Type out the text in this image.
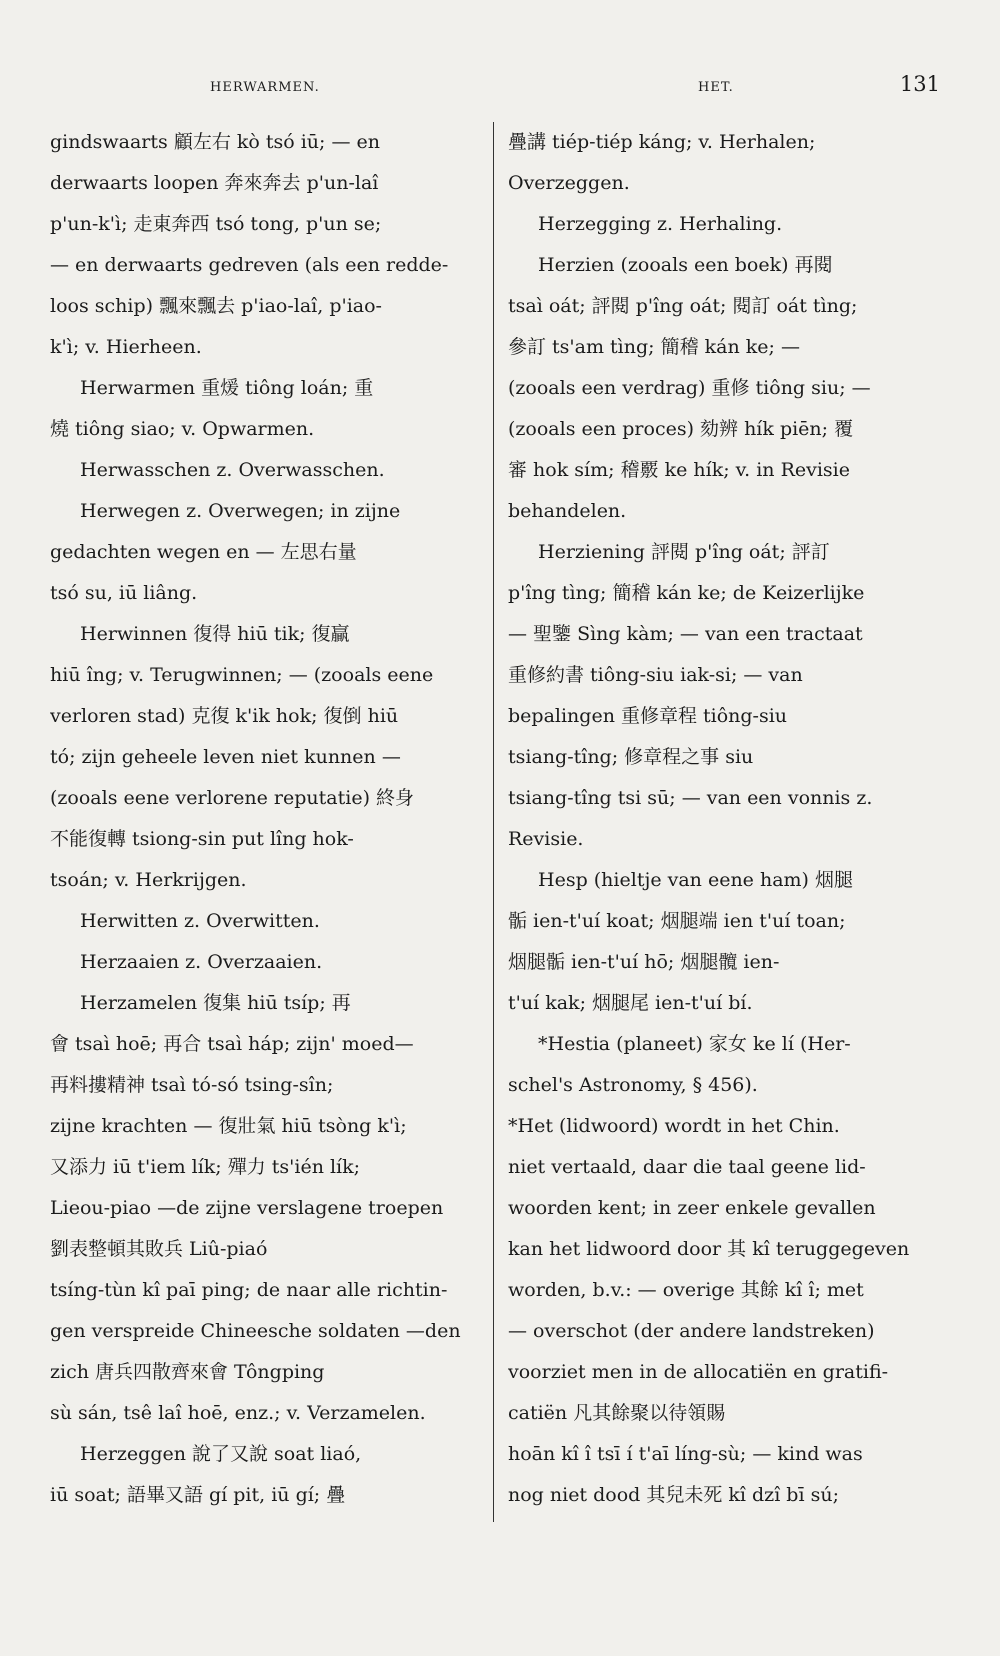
HERWARMEN.	HET.	131
gindswaarts 顧左右 kò tsó iū; — en
derwaarts loopen 奔來奔去 p'un-laî
p'un-k'ì; 走東奔西 tsó tong, p'un se;
— en derwaarts gedreven (als een redde-
loos schip) 飄來飄去 p'iao-laî, p'iao-
k'ì; v. Hierheen.
Herwarmen 重煖 tiông loán; 重
燒 tiông siao; v. Opwarmen.
Herwasschen z. Overwasschen.
Herwegen z. Overwegen; in zijne
gedachten wegen en — 左思右量
tsó su, iū liâng.
Herwinnen 復得 hiū tik; 復贏
hiū îng; v. Terugwinnen; — (zooals eene
verloren stad) 克復 k'ik hok; 復倒 hiū
tó; zijn geheele leven niet kunnen —
(zooals eene verlorene reputatie) 終身
不能復轉 tsiong-sin put lîng hok-
tsoán; v. Herkrijgen.
Herwitten z. Overwitten.
Herzaaien z. Overzaaien.
Herzamelen 復集 hiū tsíp; 再
會 tsaì hoē; 再合 tsaì háp; zijn' moed—
再料摟精神 tsaì tó-só tsing-sîn;
zijne krachten — 復壯氣 hiū tsòng k'ì;
又添力 iū t'iem lík; 殫力 ts'ién lík;
Lieou-piao —de zijne verslagene troepen
劉表整頓其敗兵 Liû-piaó
tsíng-tùn kî paī ping; de naar alle richtin-
gen verspreide Chineesche soldaten —den
zich 唐兵四散齊來會 Tôngping
sù sán, tsê laî hoē, enz.; v. Verzamelen.
Herzeggen 說了又說 soat liaó,
iū soat; 語畢又語 gí pit, iū gí; 疊
疊講 tiép-tiép káng; v. Herhalen;
Overzeggen.
Herzegging z. Herhaling.
Herzien (zooals een boek) 再閱
tsaì oát; 評閱 p'îng oát; 閱訂 oát tìng;
參訂 ts'am tìng; 簡稽 kán ke; —
(zooals een verdrag) 重修 tiông siu; —
(zooals een proces) 劾辨 hík piēn; 覆
審 hok sím; 稽覈 ke hík; v. in Revisie
behandelen.
Herziening 評閱 p'îng oát; 評訂
p'îng tìng; 簡稽 kán ke; de Keizerlijke
— 聖鑒 Sìng kàm; — van een tractaat
重修約書 tiông-siu iak-si; — van
bepalingen 重修章程 tiông-siu
tsiang-tîng; 修章程之事 siu
tsiang-tîng tsi sū; — van een vonnis z.
Revisie.
Hesp (hieltje van eene ham) 烟腿
骺 ien-t'uí koat; 烟腿端 ien t'uí toan;
烟腿骺 ien-t'uí hō; 烟腿髖 ien-
t'uí kak; 烟腿尾 ien-t'uí bí.
*Hestia (planeet) 家女 ke lí (Her-
schel's Astronomy, § 456).
*Het (lidwoord) wordt in het Chin.
niet vertaald, daar die taal geene lid-
woorden kent; in zeer enkele gevallen
kan het lidwoord door 其 kî teruggegeven
worden, b.v.: — overige 其餘 kî î; met
— overschot (der andere landstreken)
voorziet men in de allocatiën en gratifi-
catiën 凡其餘聚以待領賜
hoān kî î tsī í t'aī líng-sù; — kind was
nog niet dood 其兒未死 kî dzî bī sú;
